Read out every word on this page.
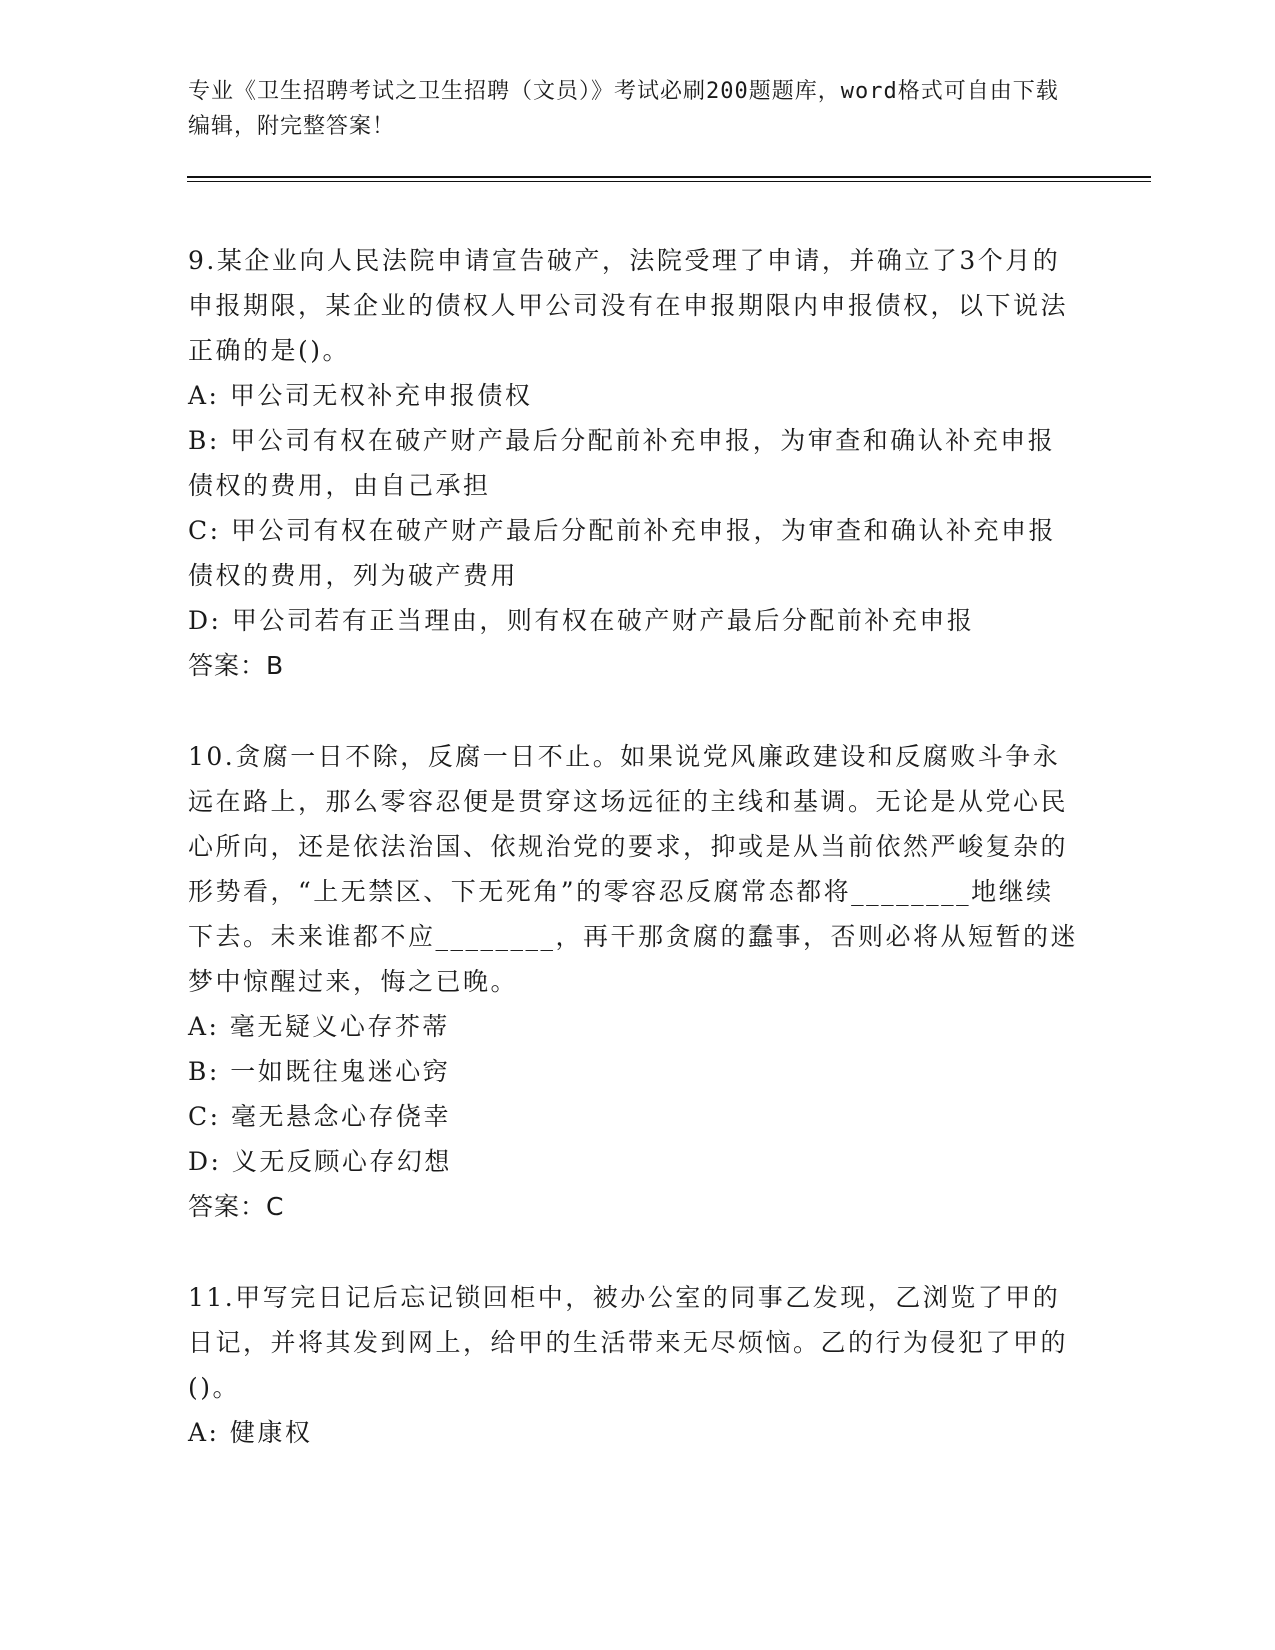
专业《卫生招聘考试之卫生招聘（文员）》考试必刷200题题库，word格式可自由下载编辑，附完整答案！

9.某企业向人民法院申请宣告破产，法院受理了申请，并确立了3个月的申报期限，某企业的债权人甲公司没有在申报期限内申报债权，以下说法正确的是()。

A: 甲公司无权补充申报债权

B: 甲公司有权在破产财产最后分配前补充申报，为审查和确认补充申报债权的费用，由自己承担

C: 甲公司有权在破产财产最后分配前补充申报，为审查和确认补充申报债权的费用，列为破产费用

D: 甲公司若有正当理由，则有权在破产财产最后分配前补充申报

答案：B

10.贪腐一日不除，反腐一日不止。如果说党风廉政建设和反腐败斗争永远在路上，那么零容忍便是贯穿这场远征的主线和基调。无论是从党心民心所向，还是依法治国、依规治党的要求，抑或是从当前依然严峻复杂的形势看，“上无禁区、下无死角”的零容忍反腐常态都将________地继续下去。未来谁都不应________，再干那贪腐的蠢事，否则必将从短暂的迷梦中惊醒过来，悔之已晚。

A: 毫无疑义心存芥蒂

B: 一如既往鬼迷心窍

C: 毫无悬念心存侥幸

D: 义无反顾心存幻想

答案：C

11.甲写完日记后忘记锁回柜中，被办公室的同事乙发现，乙浏览了甲的日记，并将其发到网上，给甲的生活带来无尽烦恼。乙的行为侵犯了甲的()。

A: 健康权
